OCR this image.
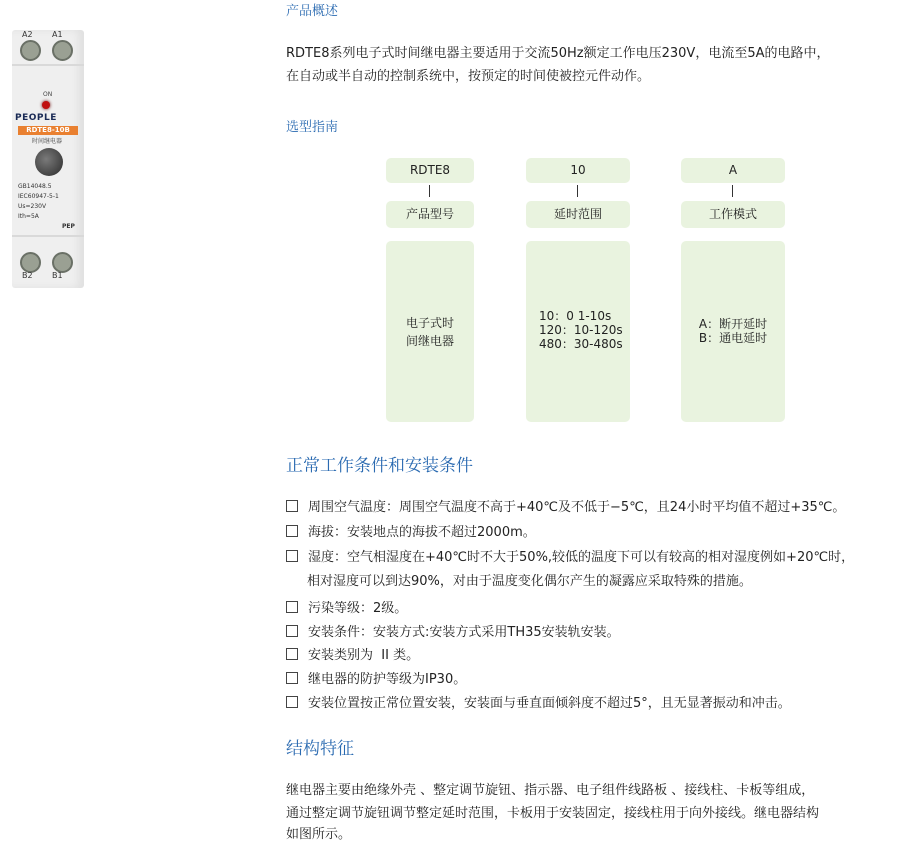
A2 A1
ON
PEOPLE
RDTE8-10B
时间继电器
GB14048.5
IEC60947-5-1
Us=230V
Ith=5A
PEP
B2 B1
产品概述
RDTE8系列电子式时间继电器主要适用于交流50Hz额定工作电压230V，电流至5A的电路中，
在自动或半自动的控制系统中，按预定的时间使被控元件动作。
选型指南
RDTE8	10	A
产品型号	延时范围	工作模式
电子式时
间继电器
10：0 1-10s
120：10-120s
480：30-480s
A：断开延时
B：通电延时
正常工作条件和安装条件
周围空气温度：周围空气温度不高于+40℃及不低于−5℃，且24小时平均值不超过+35℃。
海拔：安装地点的海拔不超过2000m。
湿度：空气相湿度在+40℃时不大于50%,较低的温度下可以有较高的相对湿度例如+20℃时，
相对湿度可以到达90%，对由于温度变化偶尔产生的凝露应采取特殊的措施。
污染等级：2级。
安装条件：安装方式:安装方式采用TH35安装轨安装。
安装类别为  II 类。
继电器的防护等级为IP30。
安装位置按正常位置安装，安装面与垂直面倾斜度不超过5°，且无显著振动和冲击。
结构特征
继电器主要由绝缘外壳 、整定调节旋钮、指示器、电子组件线路板 、接线柱、卡板等组成，
通过整定调节旋钮调节整定延时范围，卡板用于安装固定，接线柱用于向外接线。继电器结构
如图所示。
